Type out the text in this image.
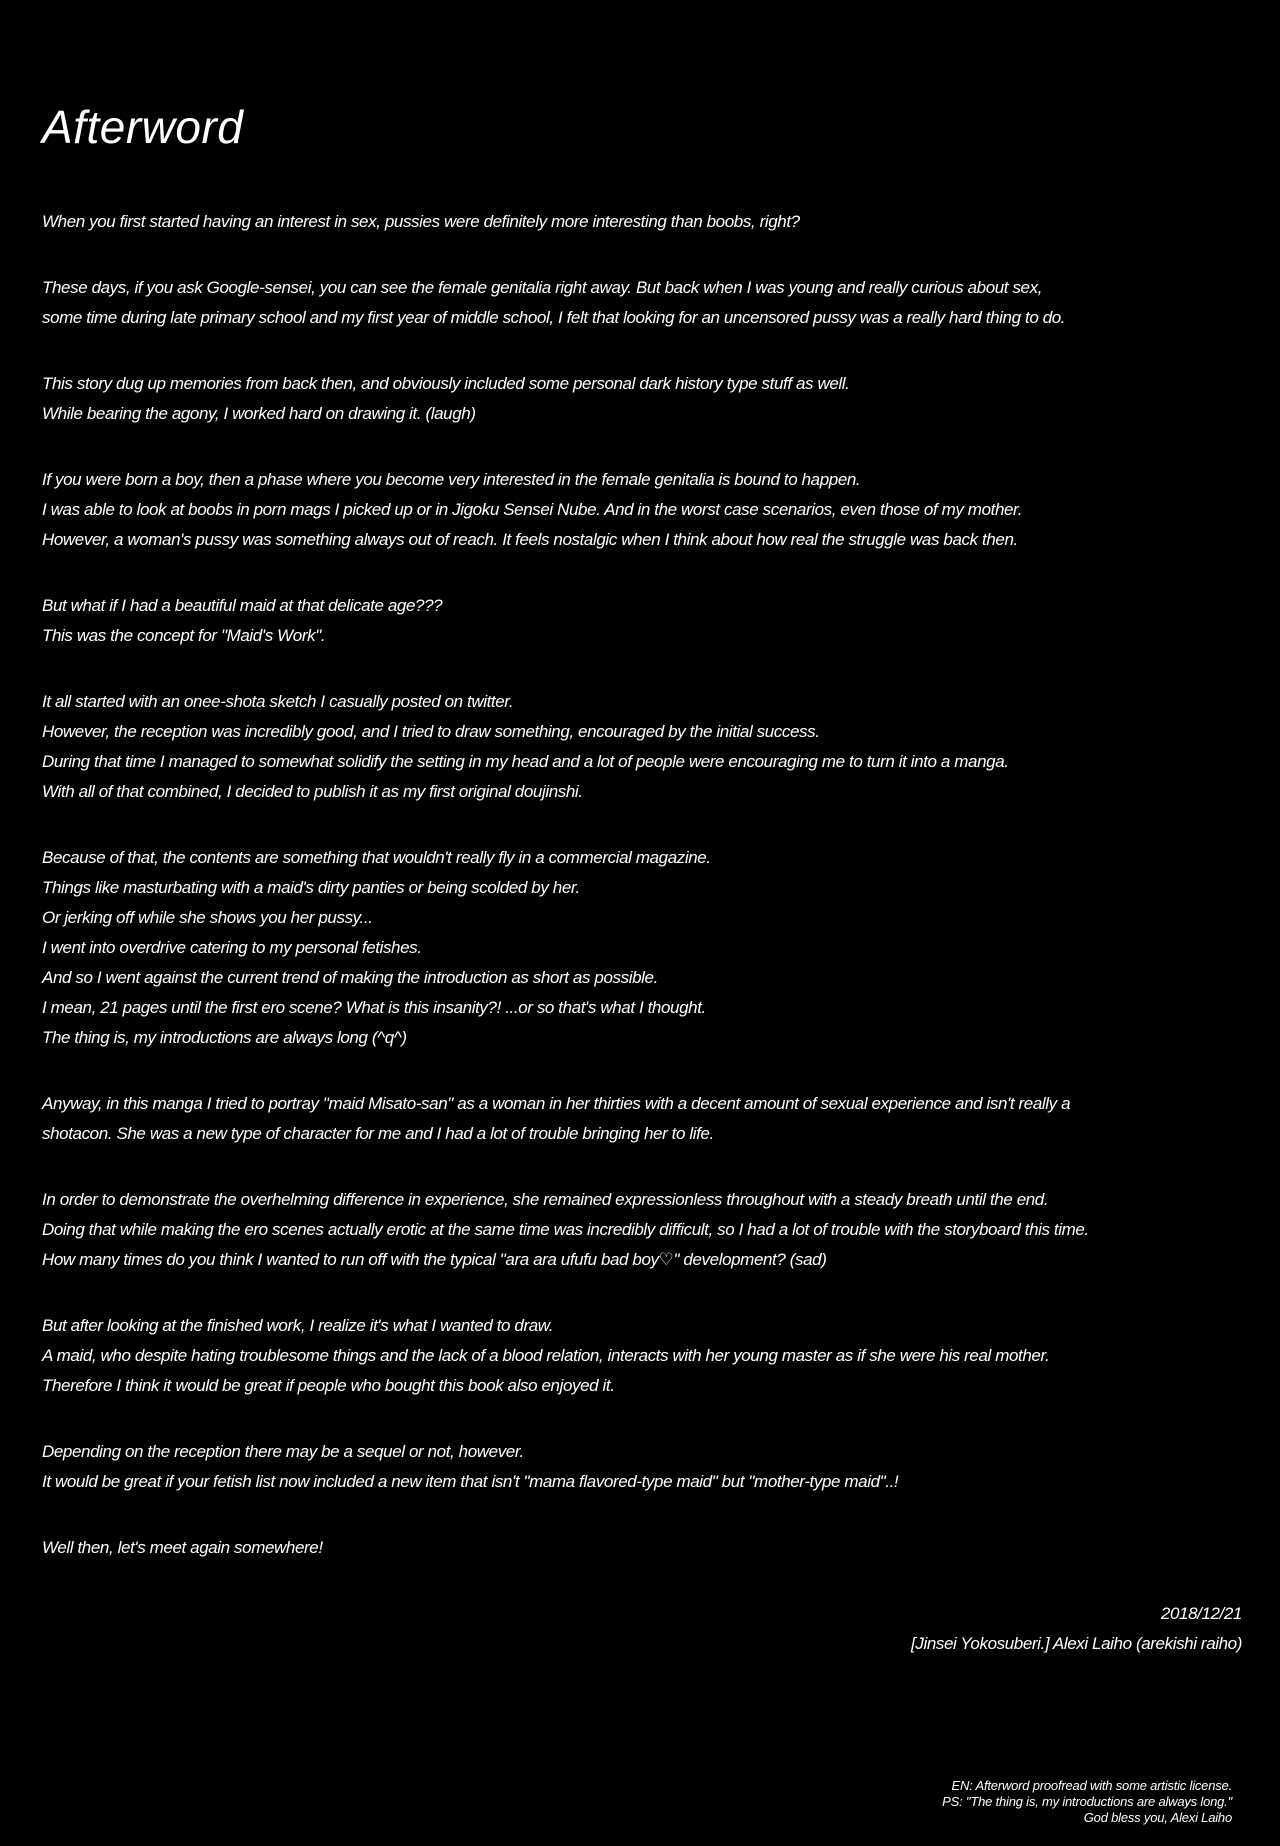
Afterword
When you first started having an interest in sex, pussies were definitely more interesting than boobs, right?
These days, if you ask Google-sensei, you can see the female genitalia right away. But back when I was young and really curious about sex,
some time during late primary school and my first year of middle school, I felt that looking for an uncensored pussy was a really hard thing to do.
This story dug up memories from back then, and obviously included some personal dark history type stuff as well.
While bearing the agony, I worked hard on drawing it. (laugh)
If you were born a boy, then a phase where you become very interested in the female genitalia is bound to happen.
I was able to look at boobs in porn mags I picked up or in Jigoku Sensei Nube. And in the worst case scenarios, even those of my mother.
However, a woman's pussy was something always out of reach. It feels nostalgic when I think about how real the struggle was back then.
But what if I had a beautiful maid at that delicate age???
This was the concept for "Maid's Work".
It all started with an onee-shota sketch I casually posted on twitter.
However, the reception was incredibly good, and I tried to draw something, encouraged by the initial success.
During that time I managed to somewhat solidify the setting in my head and a lot of people were encouraging me to turn it into a manga.
With all of that combined, I decided to publish it as my first original doujinshi.
Because of that, the contents are something that wouldn't really fly in a commercial magazine.
Things like masturbating with a maid's dirty panties or being scolded by her.
Or jerking off while she shows you her pussy...
I went into overdrive catering to my personal fetishes.
And so I went against the current trend of making the introduction as short as possible.
I mean, 21 pages until the first ero scene? What is this insanity?! ...or so that's what I thought.
The thing is, my introductions are always long (^q^)
Anyway, in this manga I tried to portray "maid Misato-san" as a woman in her thirties with a decent amount of sexual experience and isn't really a
shotacon. She was a new type of character for me and I had a lot of trouble bringing her to life.
In order to demonstrate the overhelming difference in experience, she remained expressionless throughout with a steady breath until the end.
Doing that while making the ero scenes actually erotic at the same time was incredibly difficult, so I had a lot of trouble with the storyboard this time.
How many times do you think I wanted to run off with the typical "ara ara ufufu bad boy♡" development? (sad)
But after looking at the finished work, I realize it's what I wanted to draw.
A maid, who despite hating troublesome things and the lack of a blood relation, interacts with her young master as if she were his real mother.
Therefore I think it would be great if people who bought this book also enjoyed it.
Depending on the reception there may be a sequel or not, however.
It would be great if your fetish list now included a new item that isn't "mama flavored-type maid" but "mother-type maid"..!
Well then, let's meet again somewhere!
2018/12/21
[Jinsei Yokosuberi.] Alexi Laiho (arekishi raiho)
EN: Afterword proofread with some artistic license.
PS: "The thing is, my introductions are always long."
God bless you, Alexi Laiho
